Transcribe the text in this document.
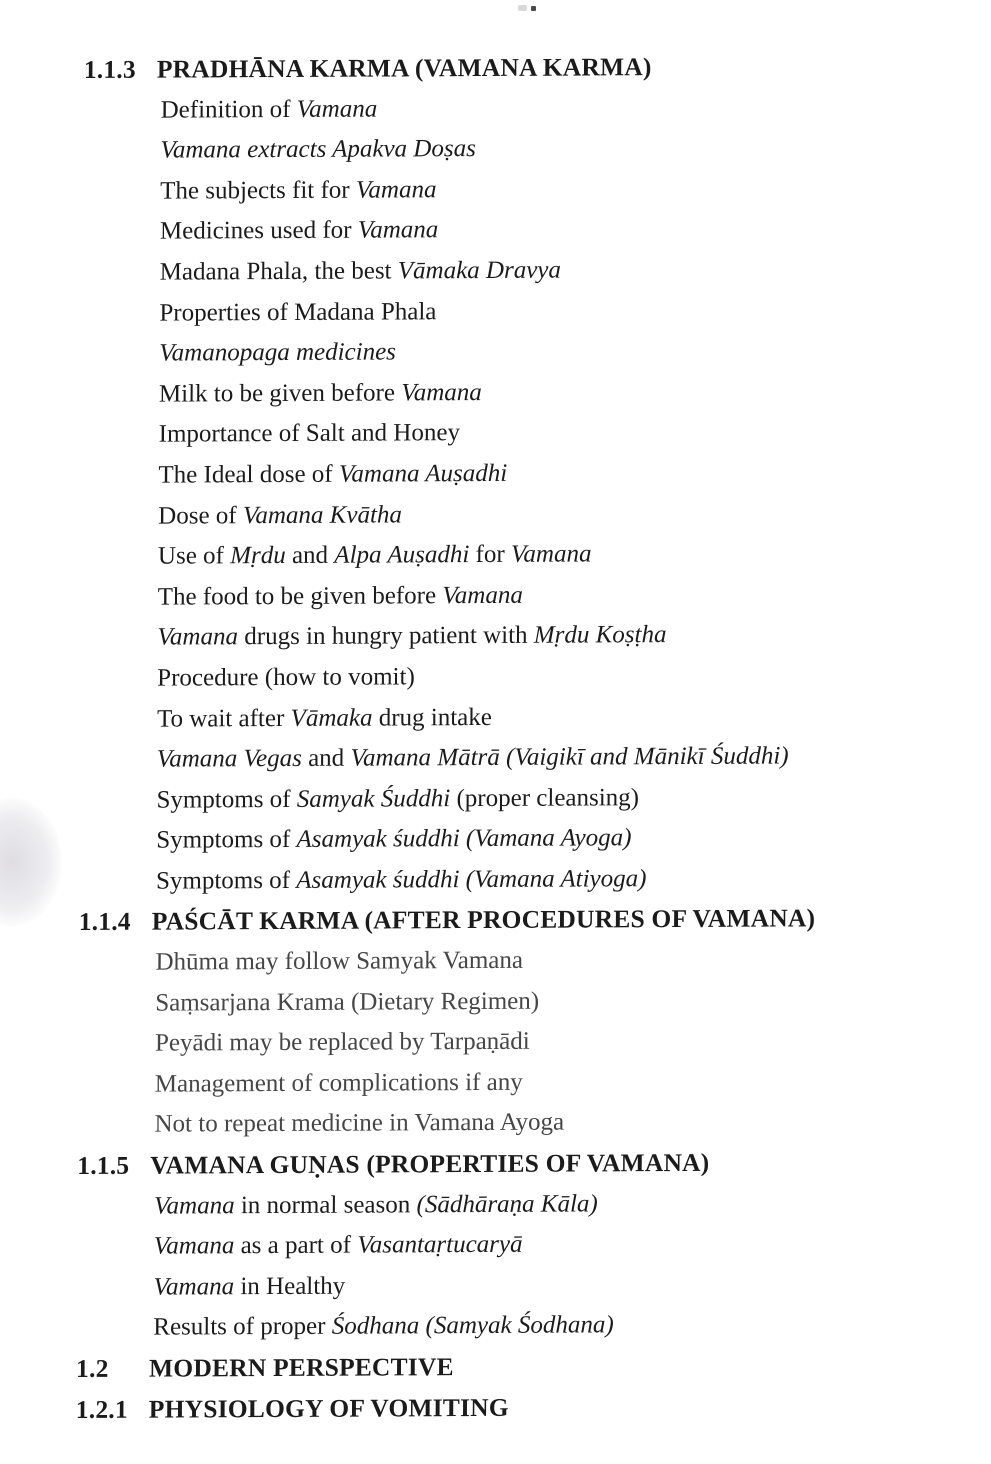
1.1.3 PRADHĀNA KARMA (VAMANA KARMA)
Definition of Vamana
Vamana extracts Apakva Doṣas
The subjects fit for Vamana
Medicines used for Vamana
Madana Phala, the best Vāmaka Dravya
Properties of Madana Phala
Vamanopaga medicines
Milk to be given before Vamana
Importance of Salt and Honey
The Ideal dose of Vamana Auṣadhi
Dose of Vamana Kvātha
Use of Mṛdu and Alpa Auṣadhi for Vamana
The food to be given before Vamana
Vamana drugs in hungry patient with Mṛdu Koṣṭha
Procedure (how to vomit)
To wait after Vāmaka drug intake
Vamana Vegas and Vamana Mātrā (Vaigikī and Mānikī Śuddhi)
Symptoms of Samyak Śuddhi (proper cleansing)
Symptoms of Asamyak śuddhi (Vamana Ayoga)
Symptoms of Asamyak śuddhi (Vamana Atiyoga)
1.1.4 PAŚCĀT KARMA (AFTER PROCEDURES OF VAMANA)
Dhūma may follow Samyak Vamana
Saṃsarjana Krama (Dietary Regimen)
Peyādi may be replaced by Tarpaṇādi
Management of complications if any
Not to repeat medicine in Vamana Ayoga
1.1.5 VAMANA GUṆAS (PROPERTIES OF VAMANA)
Vamana in normal season (Sādhāraṇa Kāla)
Vamana as a part of Vasantaṛtucaryā
Vamana in Healthy
Results of proper Śodhana (Samyak Śodhana)
1.2 MODERN PERSPECTIVE
1.2.1 PHYSIOLOGY OF VOMITING
